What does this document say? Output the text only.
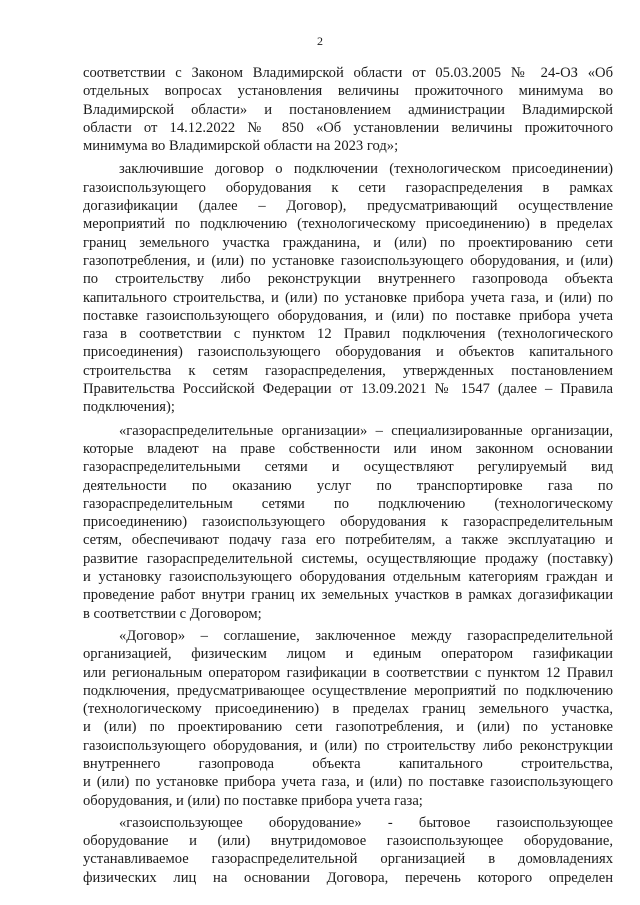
2
соответствии с Законом Владимирской области от 05.03.2005 № 24-ОЗ «Об
отдельных вопросах установления величины прожиточного минимума во
Владимирской области» и постановлением администрации Владимирской
области от 14.12.2022 № 850 «Об установлении величины прожиточного
минимума во Владимирской области на 2023 год»;
заключившие договор о подключении (технологическом присоединении)
газоиспользующего оборудования к сети газораспределения в рамках
догазификации (далее – Договор), предусматривающий осуществление
мероприятий по подключению (технологическому присоединению) в пределах
границ земельного участка гражданина, и (или) по проектированию сети
газопотребления, и (или) по установке газоиспользующего оборудования, и (или)
по строительству либо реконструкции внутреннего газопровода объекта
капитального строительства, и (или) по установке прибора учета газа, и (или) по
поставке газоиспользующего оборудования, и (или) по поставке прибора учета
газа в соответствии с пунктом 12 Правил подключения (технологического
присоединения) газоиспользующего оборудования и объектов капитального
строительства к сетям газораспределения, утвержденных постановлением
Правительства Российской Федерации от 13.09.2021 № 1547 (далее – Правила
подключения);
«газораспределительные организации» – специализированные организации,
которые владеют на праве собственности или ином законном основании
газораспределительными сетями и осуществляют регулируемый вид
деятельности по оказанию услуг по транспортировке газа по
газораспределительным сетями по подключению (технологическому
присоединению) газоиспользующего оборудования к газораспределительным
сетям, обеспечивают подачу газа его потребителям, а также эксплуатацию и
развитие газораспределительной системы, осуществляющие продажу (поставку)
и установку газоиспользующего оборудования отдельным категориям граждан и
проведение работ внутри границ их земельных участков в рамках догазификации
в соответствии с Договором;
«Договор» – соглашение, заключенное между газораспределительной
организацией, физическим лицом и единым оператором газификации
или региональным оператором газификации в соответствии с пунктом 12 Правил
подключения, предусматривающее осуществление мероприятий по подключению
(технологическому присоединению) в пределах границ земельного участка,
и (или) по проектированию сети газопотребления, и (или) по установке
газоиспользующего оборудования, и (или) по строительству либо реконструкции
внутреннего газопровода объекта капитального строительства,
и (или) по установке прибора учета газа, и (или) по поставке газоиспользующего
оборудования, и (или) по поставке прибора учета газа;
«газоиспользующее оборудование» - бытовое газоиспользующее
оборудование и (или) внутридомовое газоиспользующее оборудование,
устанавливаемое газораспределительной организацией в домовладениях
физических лиц на основании Договора, перечень которого определен
